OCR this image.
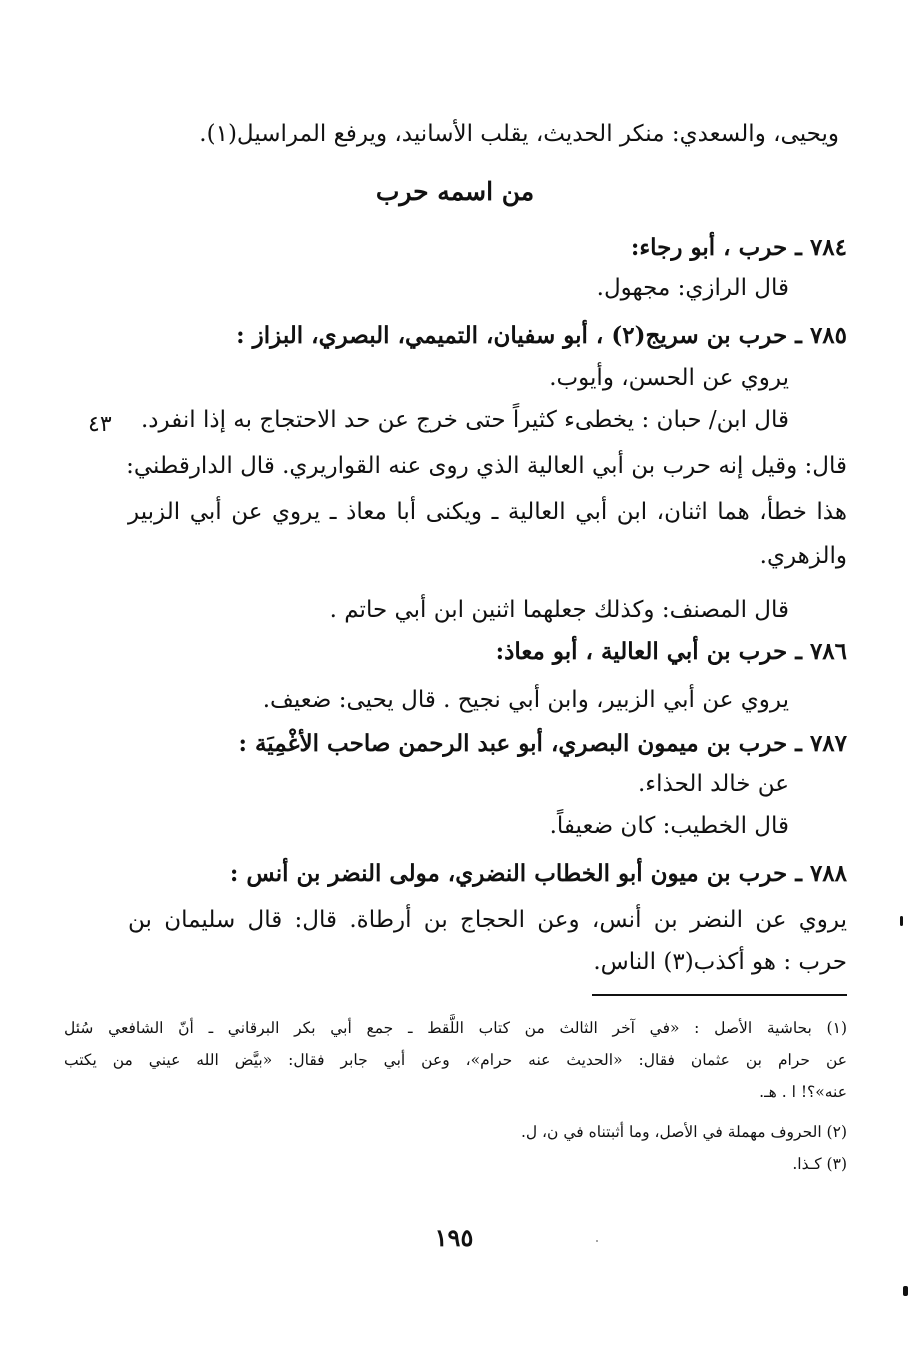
ويحيى، والسعدي: منكر الحديث، يقلب الأسانيد، ويرفع المراسيل(١).
من اسمه حرب
٧٨٤ ـ حرب ، أبو رجاء:
قال الرازي: مجهول.
٧٨٥ ـ حرب بن سريج(٢) ، أبو سفيان، التميمي، البصري، البزاز :
يروي عن الحسن، وأيوب.
قال ابن/ حبان : يخطىء كثيراً حتى خرج عن حد الاحتجاج به إذا انفرد.
٤٣
قال: وقيل إنه حرب بن أبي العالية الذي روى عنه القواريري. قال الدارقطني:
هذا خطأ، هما اثنان، ابن أبي العالية ـ ويكنى أبا معاذ ـ يروي عن أبي الزبير
والزهري.
قال المصنف: وكذلك جعلهما اثنين ابن أبي حاتم .
٧٨٦ ـ حرب بن أبي العالية ، أبو معاذ:
يروي عن أبي الزبير، وابن أبي نجيح . قال يحيى: ضعيف.
٧٨٧ ـ حرب بن ميمون البصري، أبو عبد الرحمن صاحب الأغْمِيَة :
عن خالد الحذاء.
قال الخطيب: كان ضعيفاً.
٧٨٨ ـ حرب بن ميون أبو الخطاب النضري، مولى النضر بن أنس :
يروي عن النضر بن أنس، وعن الحجاج بن أرطاة. قال: قال سليمان بن
حرب : هو أكذب(٣) الناس.
(١) بحاشية الأصل : «في آخر الثالث من كتاب اللَّقط ـ جمع أبي بكر البرقاني ـ أنّ الشافعي سُئل
عن حرام بن عثمان فقال: «الحديث عنه حرام»، وعن أبي جابر فقال: «بيَّض الله عيني من يكتب
عنه»؟! ا . هـ.
(٢) الحروف مهملة في الأصل، وما أثبتناه في ن، ل.
(٣) كـذا.
١٩٥
